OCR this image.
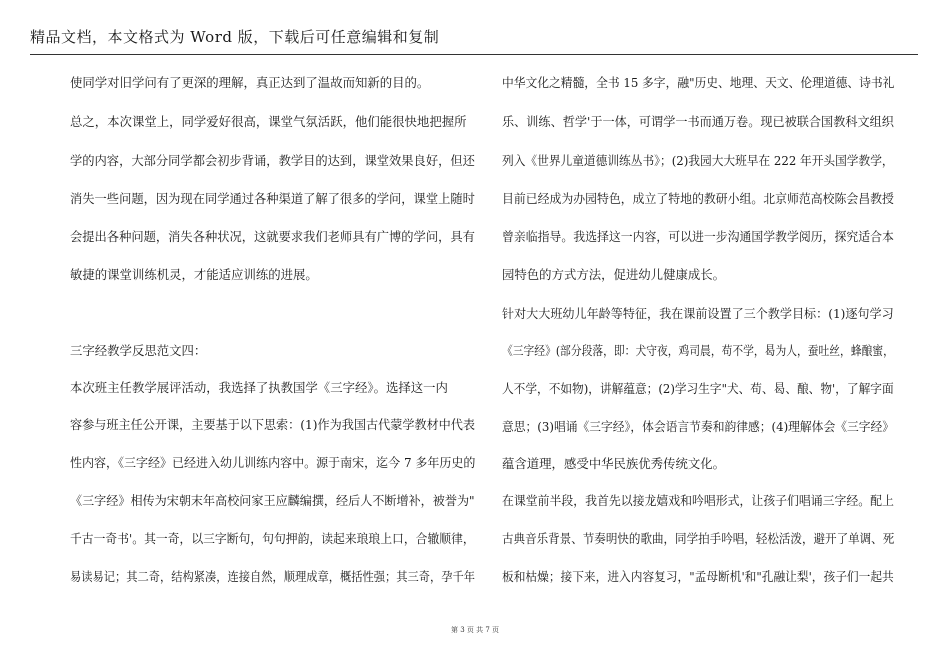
精品文档，本文格式为 Word 版，下载后可任意编辑和复制
使同学对旧学问有了更深的理解，真正达到了温故而知新的目的。
总之，本次课堂上，同学爱好很高，课堂气氛活跃，他们能很快地把握所
学的内容，大部分同学都会初步背诵，教学目的达到，课堂效果良好，但还
消失一些问题，因为现在同学通过各种渠道了解了很多的学问，课堂上随时
会提出各种问题，消失各种状况，这就要求我们老师具有广博的学问，具有
敏捷的课堂训练机灵，才能适应训练的进展。
三字经教学反思范文四：
本次班主任教学展评活动，我选择了执教国学《三字经》。选择这一内
容参与班主任公开课，主要基于以下思索：(1)作为我国古代蒙学教材中代表
性内容，《三字经》已经进入幼儿训练内容中。源于南宋，迄今 7 多年历史的
《三字经》相传为宋朝末年高校问家王应麟编撰，经后人不断增补，被誉为"
千古一奇书'。其一奇，以三字断句，句句押韵，读起来琅琅上口，合辙顺律，
易读易记；其二奇，结构紧凑，连接自然，顺理成章，概括性强；其三奇，孕千年
中华文化之精髓，全书 15 多字，融"历史、地理、天文、伦理道德、诗书礼
乐、训练、哲学'于一体，可谓学一书而通万卷。现已被联合国教科文组织
列入《世界儿童道德训练丛书》；(2)我园大大班早在 222 年开头国学教学，
目前已经成为办园特色，成立了特地的教研小组。北京师范高校陈会昌教授
曾亲临指导。我选择这一内容，可以进一步沟通国学教学阅历，探究适合本
园特色的方式方法，促进幼儿健康成长。
针对大大班幼儿年龄等特征，我在课前设置了三个教学目标：(1)逐句学习
《三字经》(部分段落，即：犬守夜，鸡司晨，苟不学，曷为人，蚕吐丝，蜂酿蜜，
人不学，不如物)，讲解蕴意；(2)学习生字"犬、苟、曷、酿、物'，了解字面
意思；(3)唱诵《三字经》，体会语言节奏和韵律感；(4)理解体会《三字经》
蕴含道理，感受中华民族优秀传统文化。
在课堂前半段，我首先以接龙嬉戏和吟唱形式，让孩子们唱诵三字经。配上
古典音乐背景、节奏明快的歌曲，同学拍手吟唱，轻松活泼，避开了单调、死
板和枯燥；接下来，进入内容复习，"孟母断机'和"孔融让梨'，孩子们一起共
第 3 页 共 7 页
